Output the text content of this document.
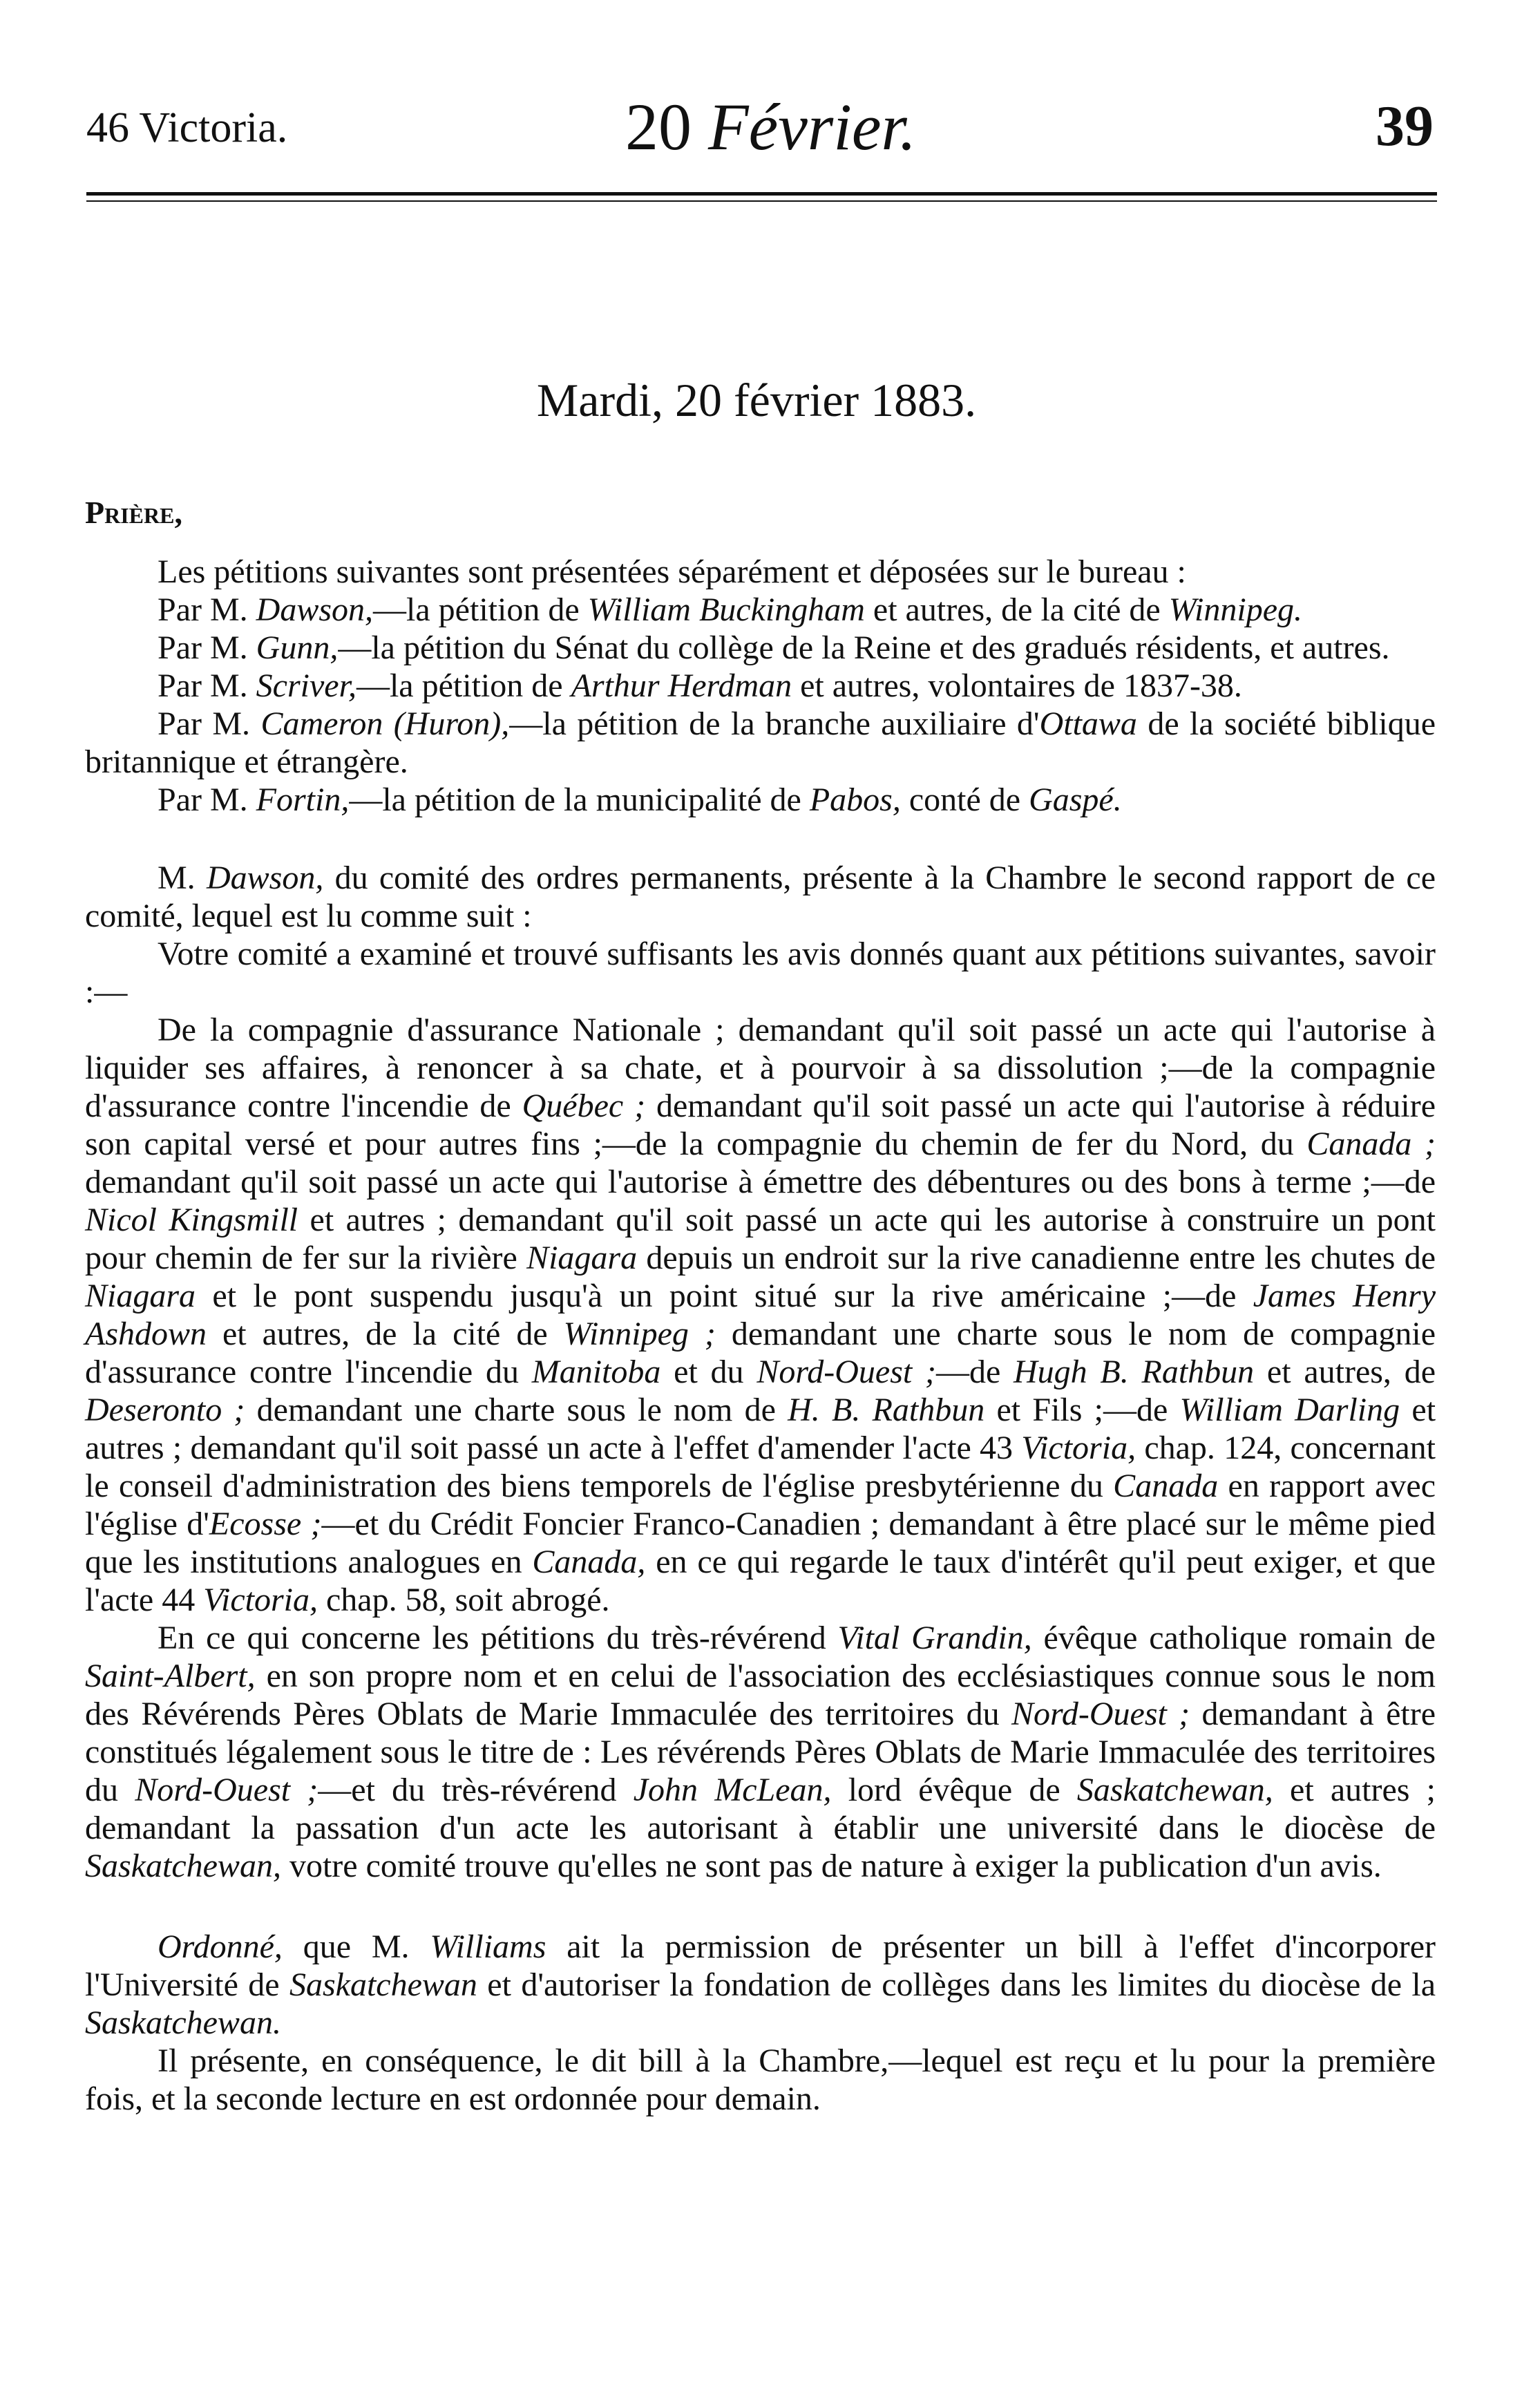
46 Victoria.	20 Février.	39
Mardi, 20 février 1883.
Prière,

Les pétitions suivantes sont présentées séparément et déposées sur le bureau :

Par M. Dawson,—la pétition de William Buckingham et autres, de la cité de Winnipeg.

Par M. Gunn,—la pétition du Sénat du collège de la Reine et des gradués résidents, et autres.

Par M. Scriver,—la pétition de Arthur Herdman et autres, volontaires de 1837-38.

Par M. Cameron (Huron),—la pétition de la branche auxiliaire d'Ottawa de la société biblique britannique et étrangère.

Par M. Fortin,—la pétition de la municipalité de Pabos, conté de Gaspé.

M. Dawson, du comité des ordres permanents, présente à la Chambre le second rapport de ce comité, lequel est lu comme suit :

Votre comité a examiné et trouvé suffisants les avis donnés quant aux pétitions suivantes, savoir :—

De la compagnie d'assurance Nationale ; demandant qu'il soit passé un acte qui l'autorise à liquider ses affaires, à renoncer à sa chate, et à pourvoir à sa dissolution ;—de la compagnie d'assurance contre l'incendie de Québec ; demandant qu'il soit passé un acte qui l'autorise à réduire son capital versé et pour autres fins ;—de la compagnie du chemin de fer du Nord, du Canada ; demandant qu'il soit passé un acte qui l'autorise à émettre des débentures ou des bons à terme ;—de Nicol Kingsmill et autres ; demandant qu'il soit passé un acte qui les autorise à construire un pont pour chemin de fer sur la rivière Niagara depuis un endroit sur la rive canadienne entre les chutes de Niagara et le pont suspendu jusqu'à un point situé sur la rive américaine ;—de James Henry Ashdown et autres, de la cité de Winnipeg ; demandant une charte sous le nom de compagnie d'assurance contre l'incendie du Manitoba et du Nord-Ouest ;—de Hugh B. Rathbun et autres, de Deseronto ; demandant une charte sous le nom de H. B. Rathbun et Fils ;—de William Darling et autres ; demandant qu'il soit passé un acte à l'effet d'amender l'acte 43 Victoria, chap. 124, concernant le conseil d'administration des biens temporels de l'église presbytérienne du Canada en rapport avec l'église d'Ecosse ;—et du Crédit Foncier Franco-Canadien ; demandant à être placé sur le même pied que les institutions analogues en Canada, en ce qui regarde le taux d'intérêt qu'il peut exiger, et que l'acte 44 Victoria, chap. 58, soit abrogé.

En ce qui concerne les pétitions du très-révérend Vital Grandin, évêque catholique romain de Saint-Albert, en son propre nom et en celui de l'association des ecclésiastiques connue sous le nom des Révérends Pères Oblats de Marie Immaculée des territoires du Nord-Ouest ; demandant à être constitués légalement sous le titre de : Les révérends Pères Oblats de Marie Immaculée des territoires du Nord-Ouest ;—et du très-révérend John McLean, lord évêque de Saskatchewan, et autres ; demandant la passation d'un acte les autorisant à établir une université dans le diocèse de Saskatchewan, votre comité trouve qu'elles ne sont pas de nature à exiger la publication d'un avis.

Ordonné, que M. Williams ait la permission de présenter un bill à l'effet d'incorporer l'Université de Saskatchewan et d'autoriser la fondation de collèges dans les limites du diocèse de la Saskatchewan.

Il présente, en conséquence, le dit bill à la Chambre,—lequel est reçu et lu pour la première fois, et la seconde lecture en est ordonnée pour demain.
